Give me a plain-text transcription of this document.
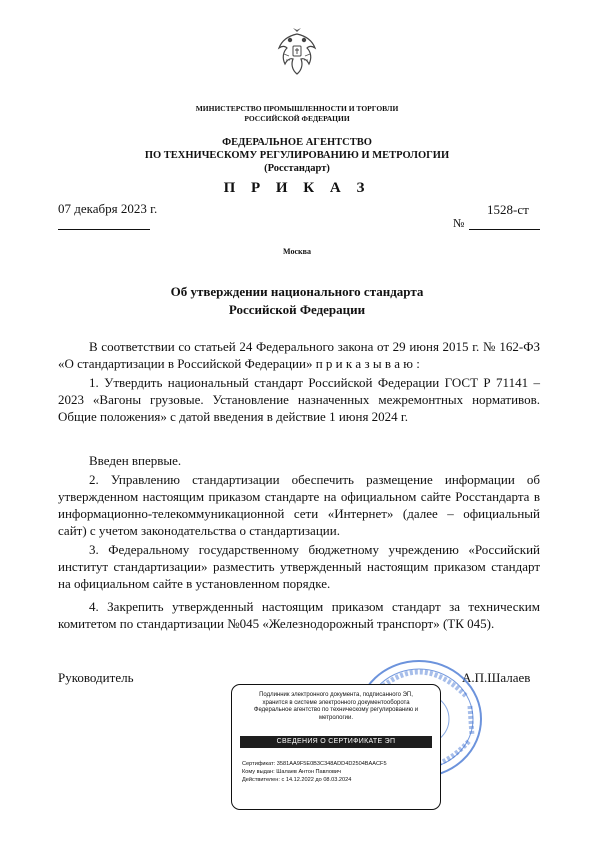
МИНИСТЕРСТВО ПРОМЫШЛЕННОСТИ И ТОРГОВЛИ
РОССИЙСКОЙ ФЕДЕРАЦИИ
ФЕДЕРАЛЬНОЕ АГЕНТСТВО
ПО ТЕХНИЧЕСКОМУ РЕГУЛИРОВАНИЮ И МЕТРОЛОГИИ
(Росстандарт)
П Р И К А З
07 декабря 2023 г.
№
1528-ст
Москва
Об утверждении национального стандарта
Российской Федерации
В соответствии со статьей 24 Федерального закона от 29 июня 2015 г. № 162-ФЗ «О стандартизации в Российской Федерации» п р и к а з ы в а ю :
1. Утвердить национальный стандарт Российской Федерации ГОСТ Р 71141 –2023 «Вагоны грузовые. Установление назначенных межремонтных нормативов. Общие положения» с датой введения в действие 1 июня 2024 г.
Введен впервые.
2. Управлению стандартизации обеспечить размещение информации об утвержденном настоящим приказом стандарте на официальном сайте Росстандарта в информационно-телекоммуникационной сети «Интернет» (далее – официальный сайт) с учетом законодательства о стандартизации.
3. Федеральному государственному бюджетному учреждению «Российский институт стандартизации» разместить утвержденный настоящим приказом стандарт на официальном сайте в установленном порядке.
4. Закрепить утвержденный настоящим приказом стандарт за техническим комитетом по стандартизации №045 «Железнодорожный транспорт» (ТК 045).
Руководитель	А.П.Шалаев
Подлинник электронного документа, подписанного ЭП, хранится в системе электронного документооборота Федеральное агентство по техническому регулированию и метрологии.
СВЕДЕНИЯ О СЕРТИФИКАТЕ ЭП
Сертификат: 3581AA9F5E0B3C348ADD4D2504BAACF5
Кому выдан: Шалаев Антон Павлович
Действителен: с 14.12.2022 до 08.03.2024
